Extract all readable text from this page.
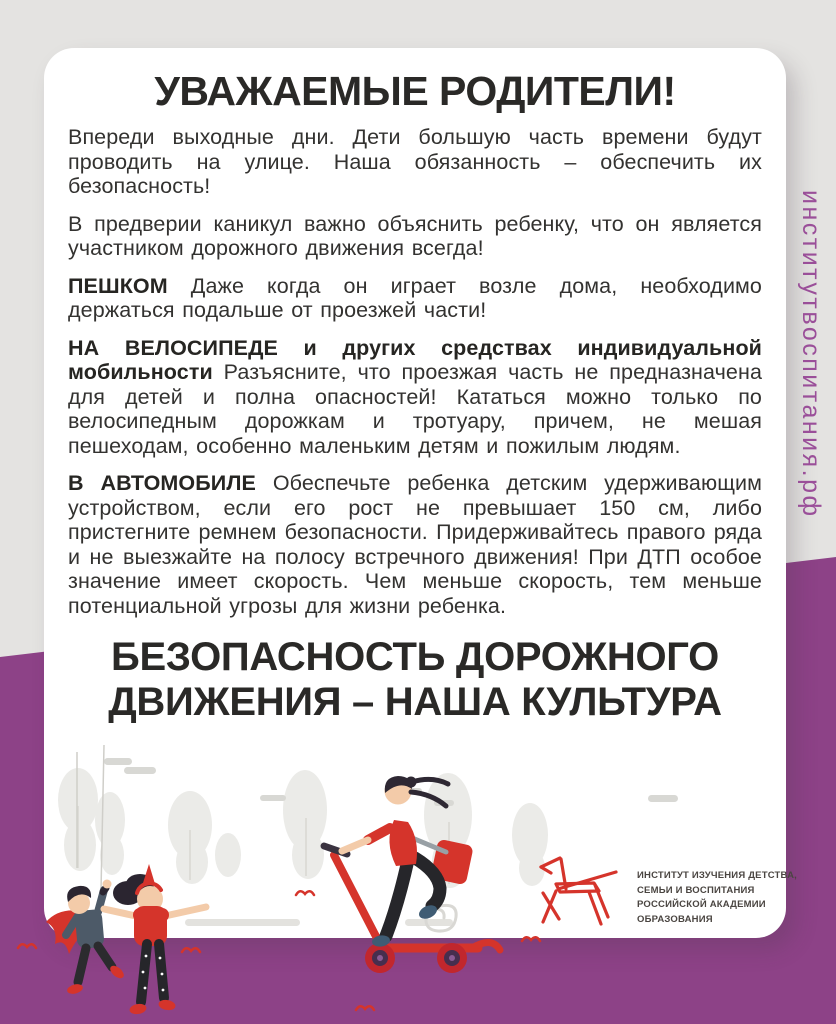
УВАЖАЕМЫЕ РОДИТЕЛИ!

Впереди выходные дни. Дети большую часть времени будут проводить на улице. Наша обязанность – обеспечить их безопасность!

В предверии каникул важно объяснить ребенку, что он является участником дорожного движения всегда!

ПЕШКОМ Даже когда он играет возле дома, необходимо держаться подальше от проезжей части!

НА ВЕЛОСИПЕДЕ и других средствах индивидуальной мобильности Разъясните, что проезжая часть не предназначена для детей и полна опасностей! Кататься можно только по велосипедным дорожкам и тротуару, причем, не мешая пешеходам, особенно маленьким детям и пожилым людям.

В АВТОМОБИЛЕ Обеспечьте ребенка детским удерживающим устройством, если его рост не превышает 150 см, либо пристегните ремнем безопасности. Придерживайтесь правого ряда и не выезжайте на полосу встречного движения! При ДТП особое значение имеет скорость. Чем меньше скорость, тем меньше потенциальной угрозы для жизни ребенка.

БЕЗОПАСНОСТЬ ДОРОЖНОГО
ДВИЖЕНИЯ – НАША КУЛЬТУРА
институтвоспитания.рф
ИНСТИТУТ ИЗУЧЕНИЯ ДЕТСТВА,
СЕМЬИ И ВОСПИТАНИЯ
РОССИЙСКОЙ АКАДЕМИИ
ОБРАЗОВАНИЯ
